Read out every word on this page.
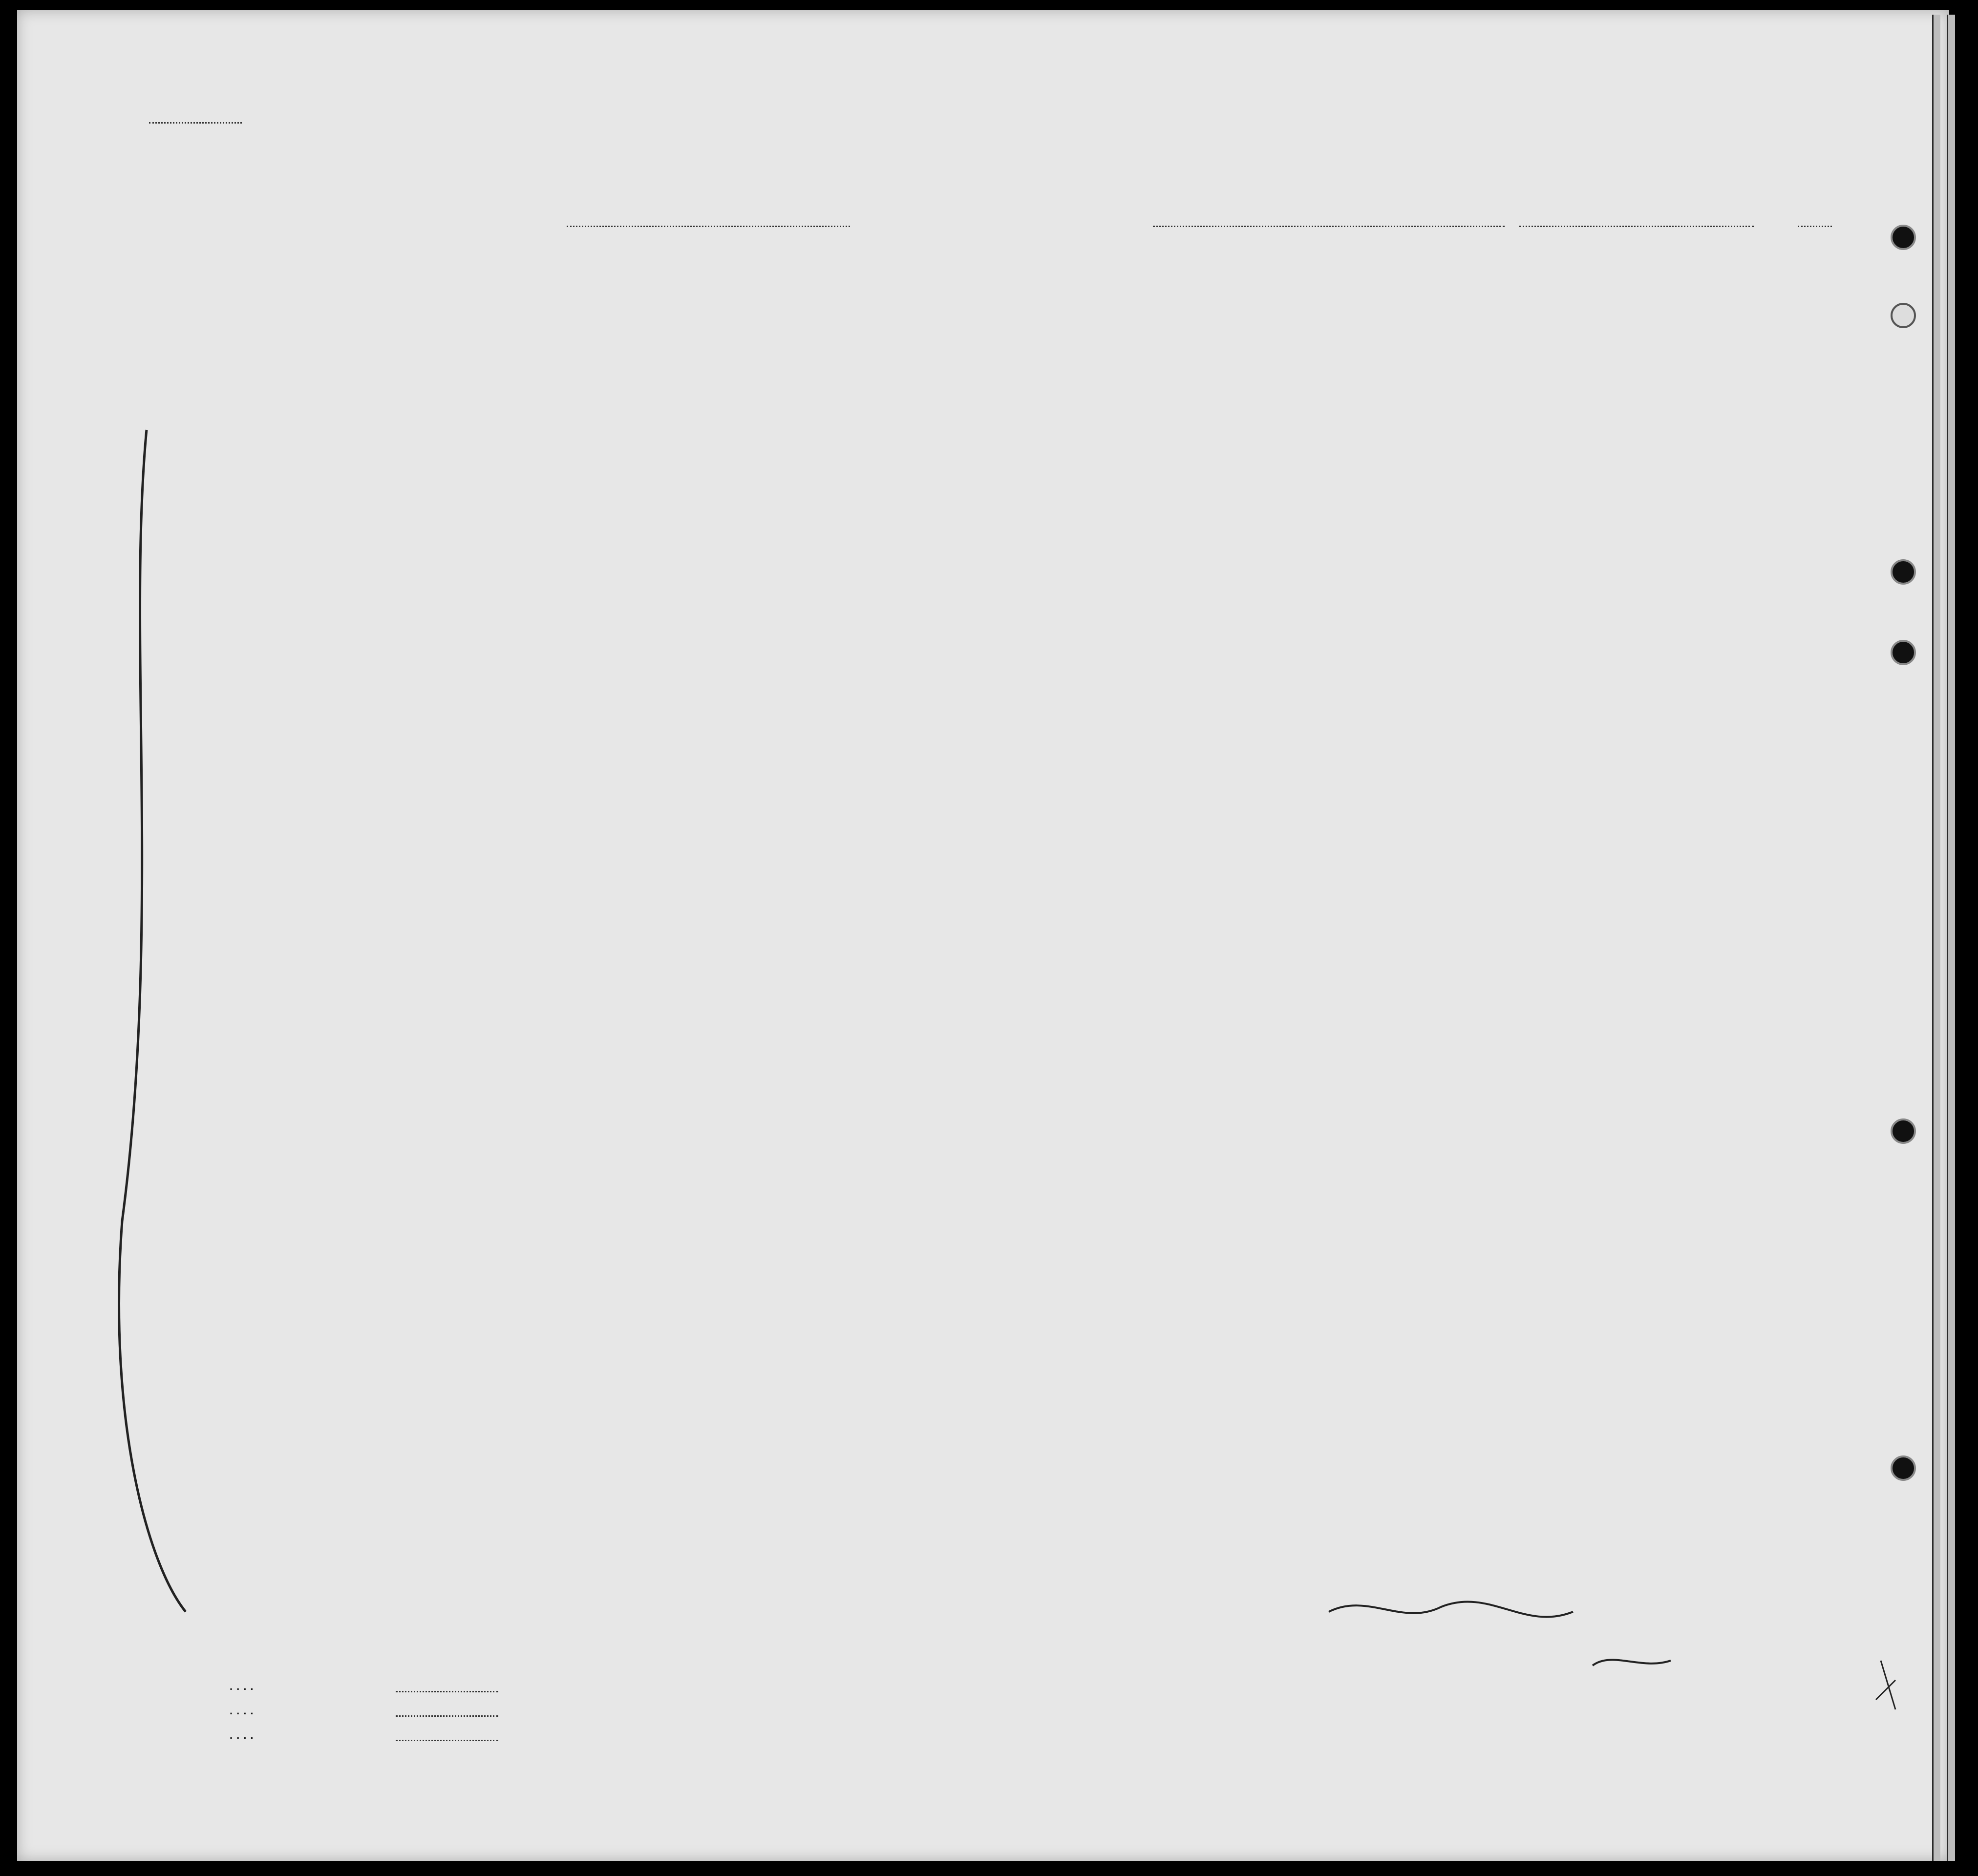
....
....
....
